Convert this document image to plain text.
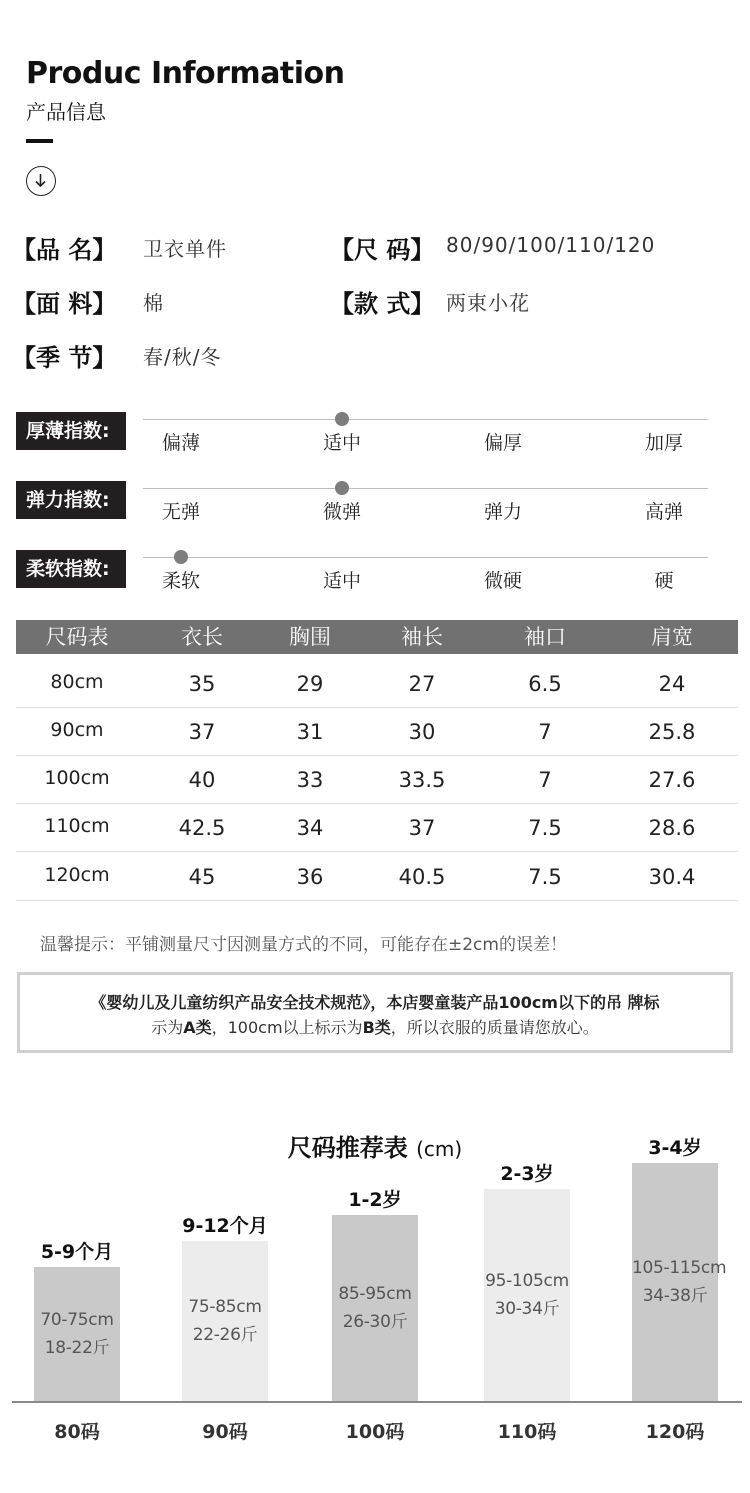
Produc Information
产品信息
【品 名】 卫衣单件	【尺 码】 80/90/100/110/120
【面 料】 棉	【款 式】 两束小花
【季 节】 春/秋/冬
厚薄指数:
偏薄	适中	偏厚	加厚
弹力指数:
无弹	微弹	弹力	高弹
柔软指数:
柔软	适中	微硬	硬
尺码表	衣长	胸围	袖长	袖口	肩宽
80cm	35	29	27	6.5	24
90cm	37	31	30	7	25.8
100cm	40	33	33.5	7	27.6
110cm	42.5	34	37	7.5	28.6
120cm	45	36	40.5	7.5	30.4
温馨提示：平铺测量尺寸因测量方式的不同，可能存在±2cm的误差！
《婴幼儿及儿童纺织产品安全技术规范》，本店婴童装产品100cm以下的吊 牌标
示为A类，100cm以上标示为B类，所以衣服的质量请您放心。
尺码推荐表 (cm)
5-9个月
70-75cm
18-22斤
80码
9-12个月
75-85cm
22-26斤
90码
1-2岁
85-95cm
26-30斤
100码
2-3岁
95-105cm
30-34斤
110码
3-4岁
105-115cm
34-38斤
120码
